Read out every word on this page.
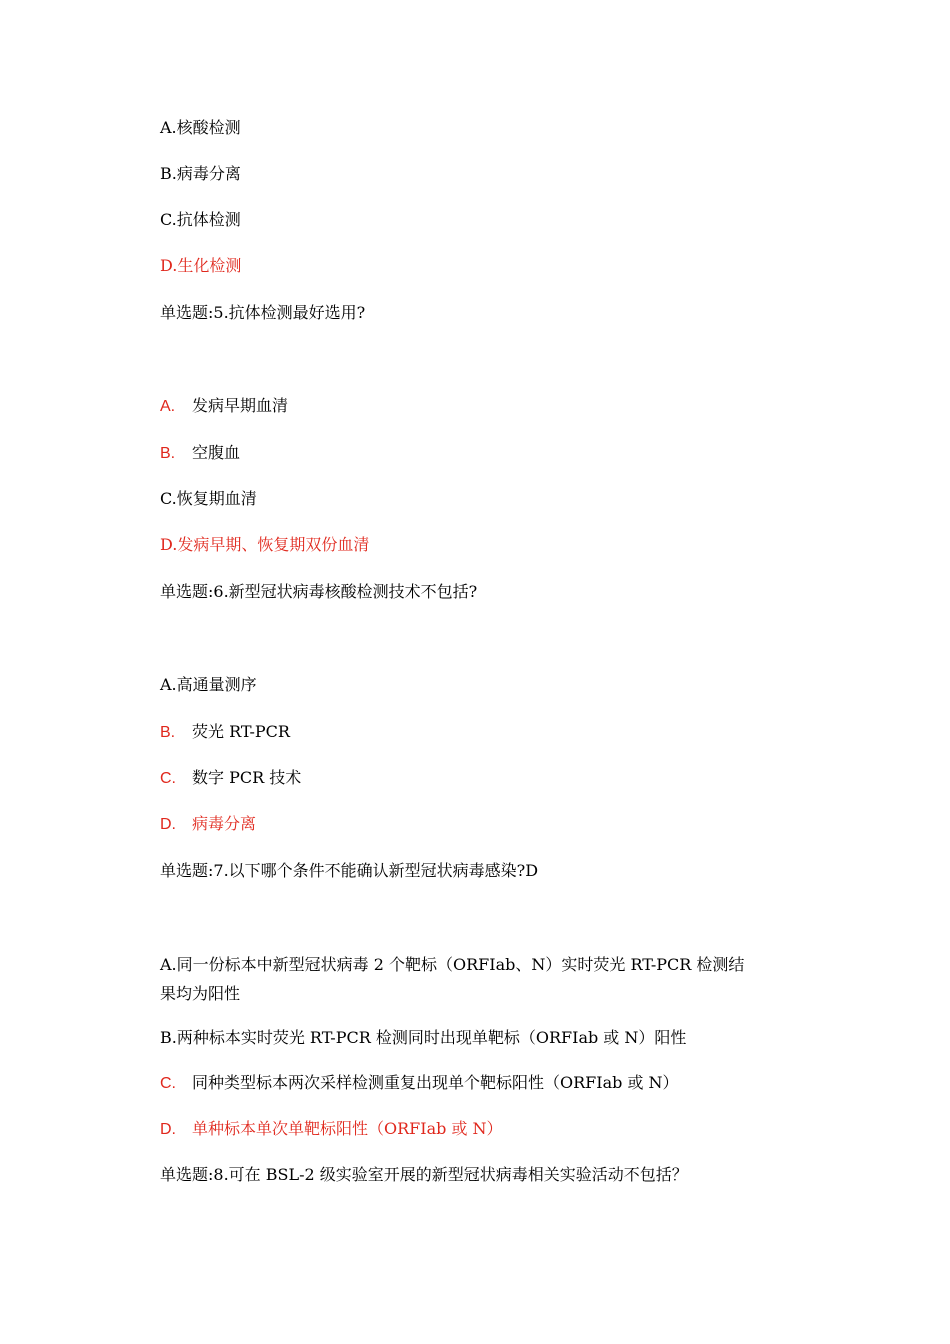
A.核酸检测
B.病毒分离
C.抗体检测
D.生化检测
单选题:5.抗体检测最好选用?
A. 发病早期血清
B. 空腹血
C.恢复期血清
D.发病早期、恢复期双份血清
单选题:6.新型冠状病毒核酸检测技术不包括?
A.高通量测序
B. 荧光 RT-PCR
C. 数字 PCR 技术
D. 病毒分离
单选题:7.以下哪个条件不能确认新型冠状病毒感染?D
A.同一份标本中新型冠状病毒 2 个靶标（ORFIab、N）实时荧光 RT-PCR 检测结果均为阳性
B.两种标本实时荧光 RT-PCR 检测同时出现单靶标（ORFIab 或 N）阳性
C. 同种类型标本两次采样检测重复出现单个靶标阳性（ORFIab 或 N）
D. 单种标本单次单靶标阳性（ORFIab 或 N）
单选题:8.可在 BSL-2 级实验室开展的新型冠状病毒相关实验活动不包括？
